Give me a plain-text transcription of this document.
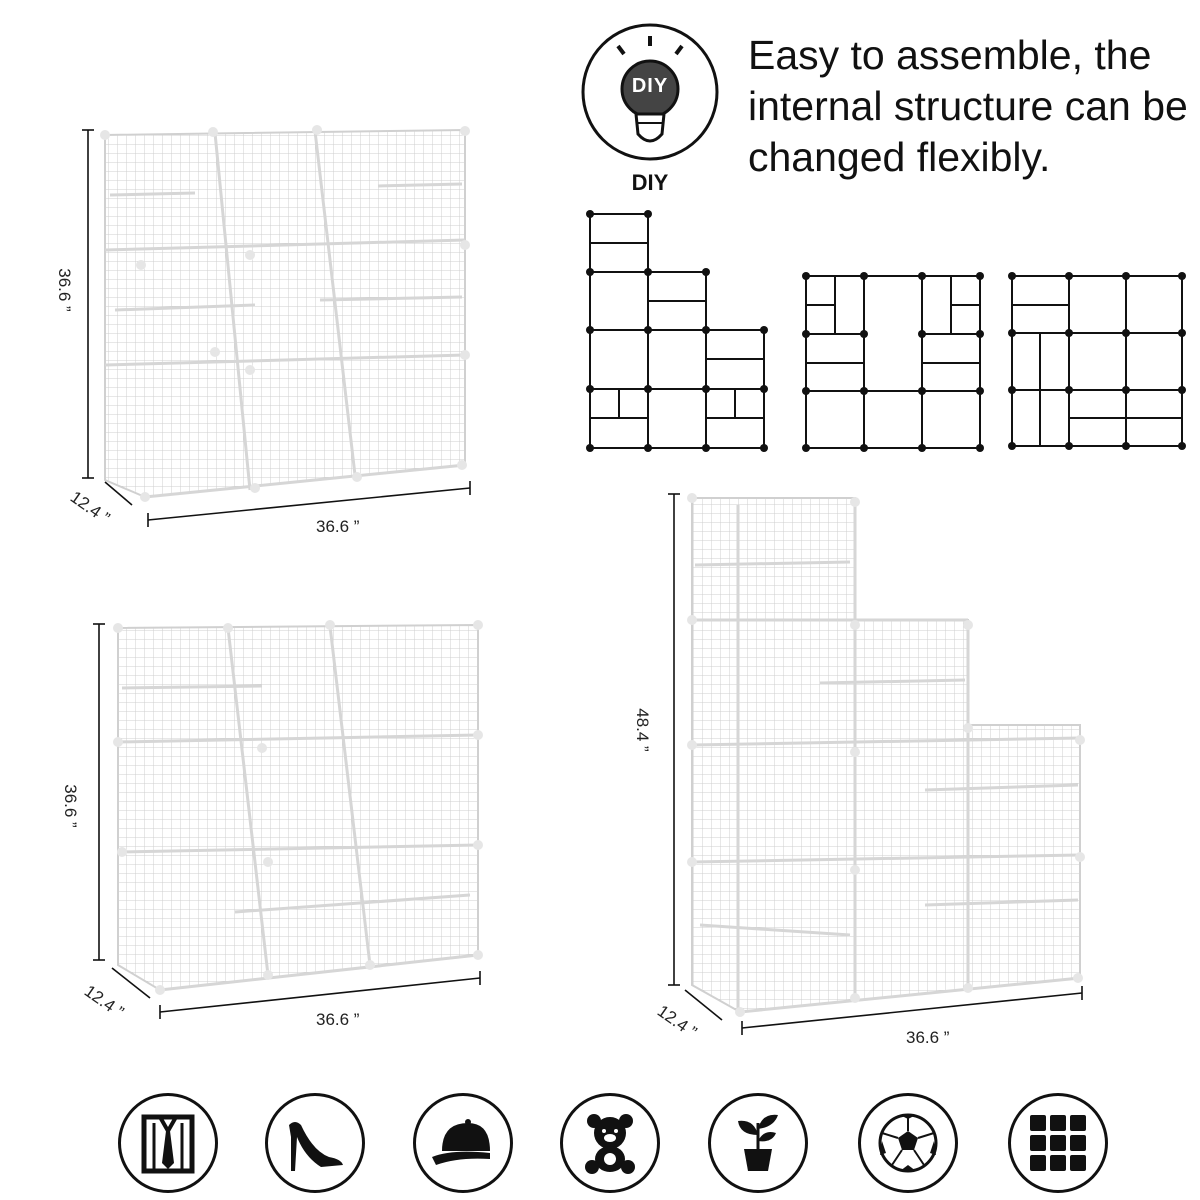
DIY
DIY
Easy to assemble, the
internal structure can be
changed flexibly.
36.6 ”
12.4 ”	36.6 ”
36.6 ”
12.4 ”	36.6 ”
48.4 ”
12.4 ”	36.6 ”
